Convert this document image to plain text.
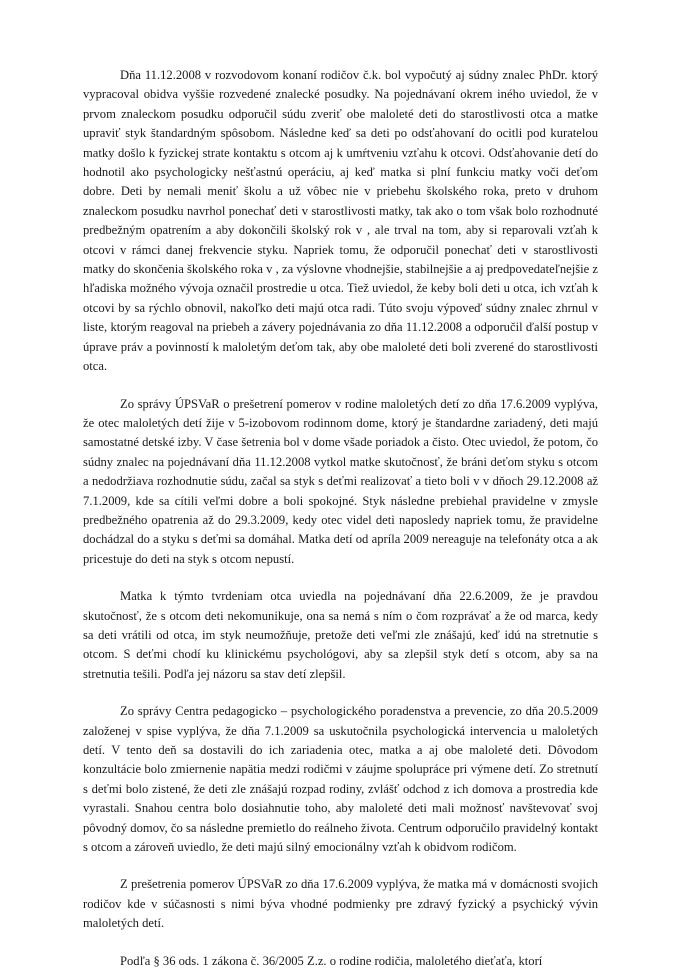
Dňa 11.12.2008 v rozvodovom konaní rodičov č.k. bol vypočutý aj súdny znalec PhDr. ktorý vypracoval obidva vyššie rozvedené znalecké posudky. Na pojednávaní okrem iného uviedol, že v prvom znaleckom posudku odporučil súdu zveriť obe maloleté deti do starostlivosti otca a matke upraviť styk štandardným spôsobom. Následne keď sa deti po odsťahovaní do ocitli pod kuratelou matky došlo k fyzickej strate kontaktu s otcom aj k umŕtveniu vzťahu k otcovi. Odsťahovanie detí do hodnotil ako psychologicky nešťastnú operáciu, aj keď matka si plní funkciu matky voči deťom dobre. Deti by nemali meniť školu a už vôbec nie v priebehu školského roka, preto v druhom znaleckom posudku navrhol ponechať deti v starostlivosti matky, tak ako o tom však bolo rozhodnuté predbežným opatrením a aby dokončili školský rok v , ale trval na tom, aby si reparovali vzťah k otcovi v rámci danej frekvencie styku. Napriek tomu, že odporučil ponechať deti v starostlivosti matky do skončenia školského roka v , za výslovne vhodnejšie, stabilnejšie a aj predpovedateľnejšie z hľadiska možného vývoja označil prostredie u otca. Tiež uviedol, že keby boli deti u otca, ich vzťah k otcovi by sa rýchlo obnovil, nakoľko deti majú otca radi. Túto svoju výpoveď súdny znalec zhrnul v liste, ktorým reagoval na priebeh a závery pojednávania zo dňa 11.12.2008 a odporučil ďalší postup v úprave práv a povinností k maloletým deťom tak, aby obe maloleté deti boli zverené do starostlivosti otca.

Zo správy ÚPSVaR o prešetrení pomerov v rodine maloletých detí zo dňa 17.6.2009 vyplýva, že otec maloletých detí žije v 5-izobovom rodinnom dome, ktorý je štandardne zariadený, deti majú samostatné detské izby. V čase šetrenia bol v dome všade poriadok a čisto. Otec uviedol, že potom, čo súdny znalec na pojednávaní dňa 11.12.2008 vytkol matke skutočnosť, že bráni deťom styku s otcom a nedodržiava rozhodnutie súdu, začal sa styk s deťmi realizovať a tieto boli v v dňoch 29.12.2008 až 7.1.2009, kde sa cítili veľmi dobre a boli spokojné. Styk následne prebiehal pravidelne v zmysle predbežného opatrenia až do 29.3.2009, kedy otec videl deti naposledy napriek tomu, že pravidelne dochádzal do a styku s deťmi sa domáhal. Matka detí od apríla 2009 nereaguje na telefonáty otca a ak pricestuje do deti na styk s otcom nepustí.

Matka k týmto tvrdeniam otca uviedla na pojednávaní dňa 22.6.2009, že je pravdou skutočnosť, že s otcom deti nekomunikuje, ona sa nemá s ním o čom rozprávať a že od marca, kedy sa deti vrátili od otca, im styk neumožňuje, pretože deti veľmi zle znášajú, keď idú na stretnutie s otcom. S deťmi chodí ku klinickému psychológovi, aby sa zlepšil styk detí s otcom, aby sa na stretnutia tešili. Podľa jej názoru sa stav detí zlepšil.

Zo správy Centra pedagogicko – psychologického poradenstva a prevencie, zo dňa 20.5.2009 založenej v spise vyplýva, že dňa 7.1.2009 sa uskutočnila psychologická intervencia u maloletých detí. V tento deň sa dostavili do ich zariadenia otec, matka a aj obe maloleté deti. Dôvodom konzultácie bolo zmiernenie napätia medzi rodičmi v záujme spolupráce pri výmene detí. Zo stretnutí s deťmi bolo zistené, že deti zle znášajú rozpad rodiny, zvlášť odchod z ich domova a prostredia kde vyrastali. Snahou centra bolo dosiahnutie toho, aby maloleté deti mali možnosť navštevovať svoj pôvodný domov, čo sa následne premietlo do reálneho života. Centrum odporučilo pravidelný kontakt s otcom a zároveň uviedlo, že deti majú silný emocionálny vzťah k obidvom rodičom.

Z prešetrenia pomerov ÚPSVaR zo dňa 17.6.2009 vyplýva, že matka má v domácnosti svojich rodičov kde v súčasnosti s nimi býva vhodné podmienky pre zdravý fyzický a psychický vývin maloletých detí.

Podľa § 36 ods. 1 zákona č. 36/2005 Z.z. o rodine rodičia, maloletého dieťaťa, ktorí
